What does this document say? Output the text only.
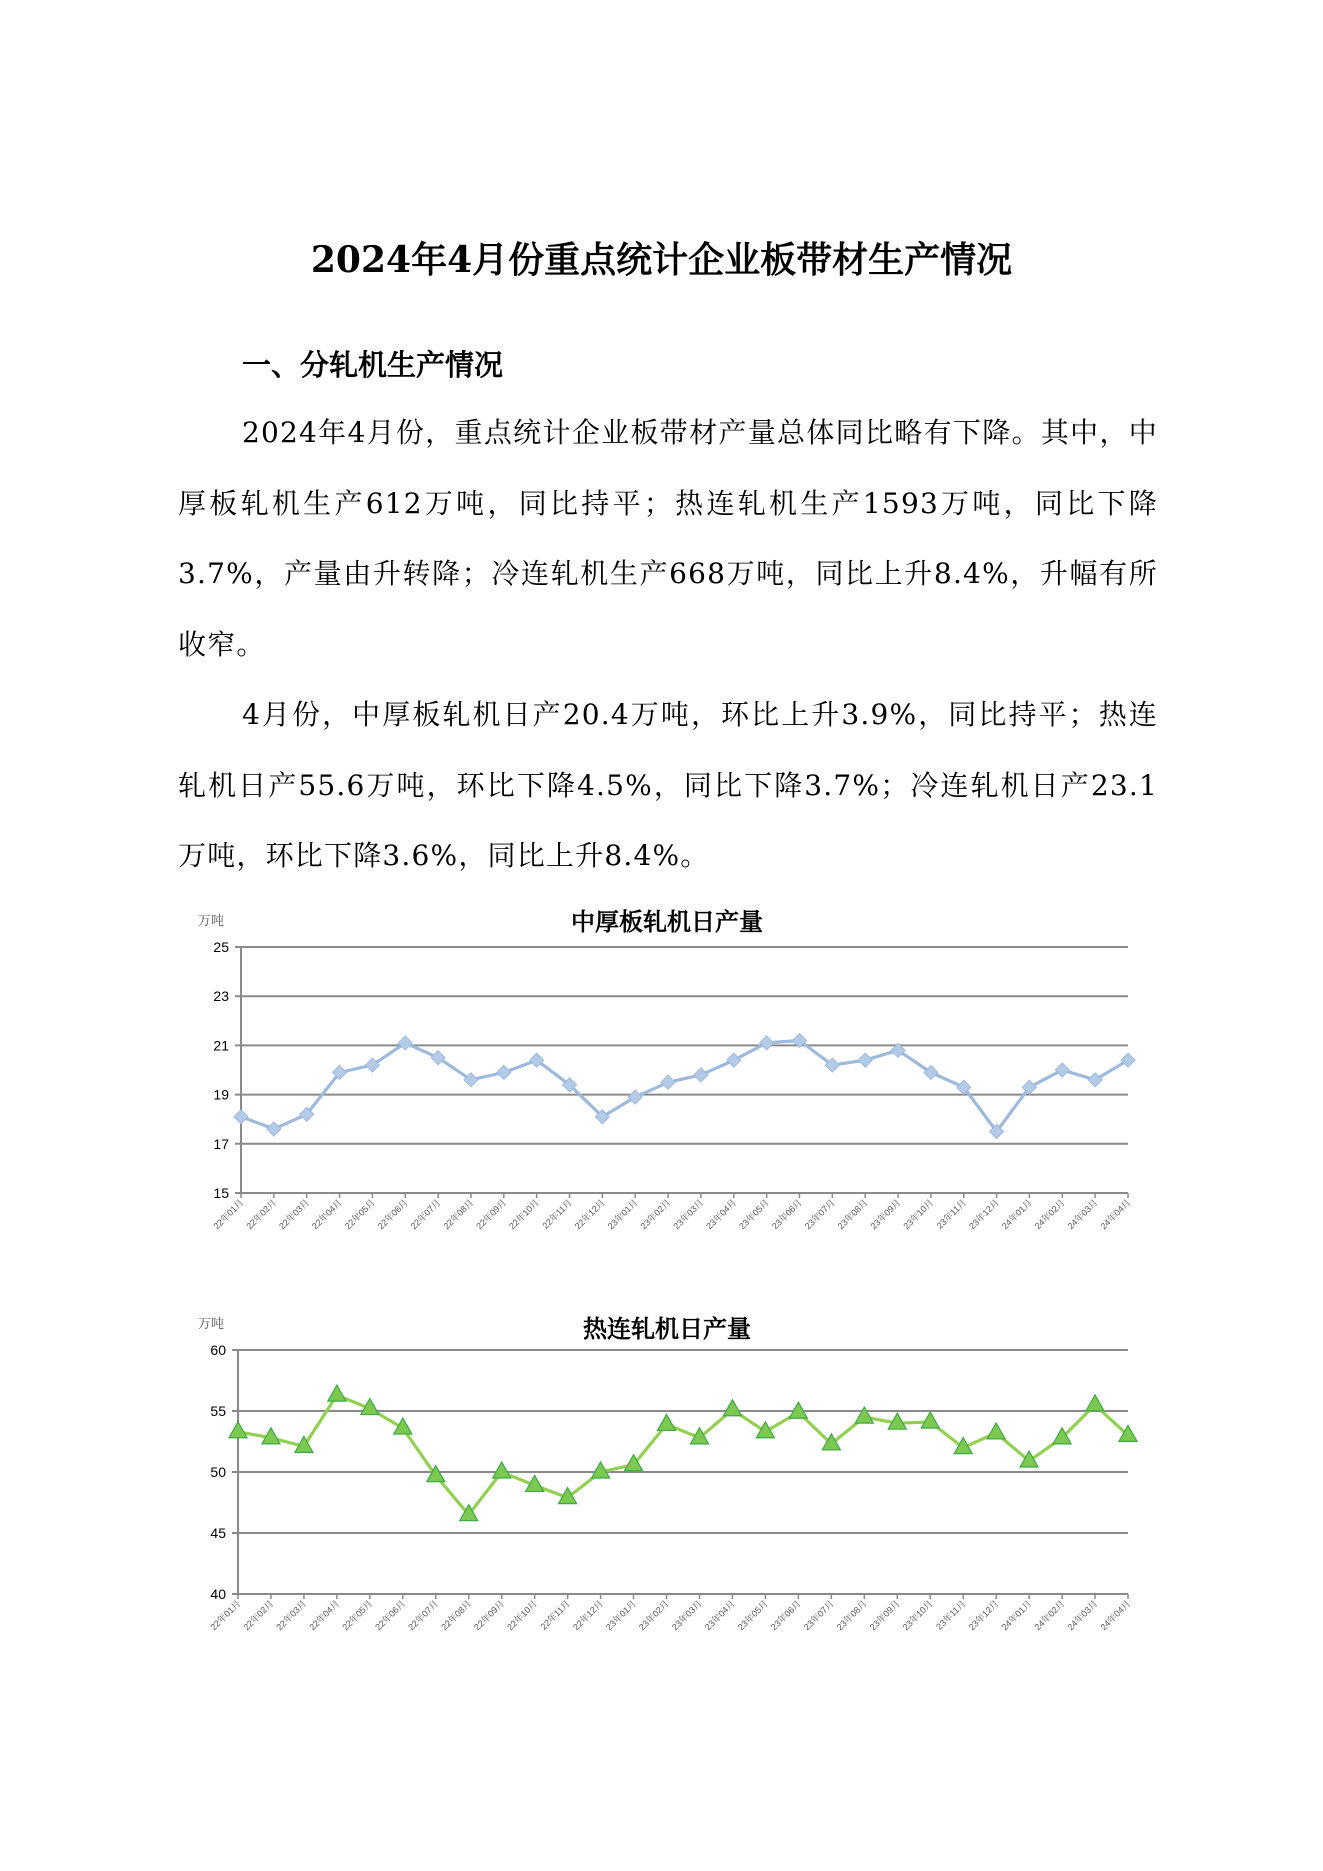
2024年4月份重点统计企业板带材生产情况
一、分轧机生产情况

2024年4月份，重点统计企业板带材产量总体同比略有下降。其中，中厚板轧机生产612万吨，同比持平；热连轧机生产1593万吨，同比下降3.7%，产量由升转降；冷连轧机生产668万吨，同比上升8.4%，升幅有所收窄。

4月份，中厚板轧机日产20.4万吨，环比上升3.9%，同比持平；热连轧机日产55.6万吨，环比下降4.5%，同比下降3.7%；冷连轧机日产23.1万吨，环比下降3.6%，同比上升8.4%。

中厚板轧机日产量
万吨
15
17
19
21
23
25
22年01月
22年02月
22年03月
22年04月
22年05月
22年06月
22年07月
22年08月
22年09月
22年10月 22年11月
22年12月
23年01月
23年02月
23年03月
23年04月
23年05月
23年06月
23年07月
23年08月
23年09月
23年10月 23年11月
23年12月
24年01月
24年02月
24年03月
24年04月
热连轧机日产量
万吨
40
45
50
55
60
22年01月
22年02月
22年03月
22年04月
22年05月
22年06月
22年07月
22年08月
22年09月
22年10月 22年11月
22年12月
23年01月
23年02月
23年03月
23年04月
23年05月
23年06月
23年07月
23年08月
23年09月
23年10月 23年11月
23年12月
24年01月
24年02月
24年03月
24年04月
